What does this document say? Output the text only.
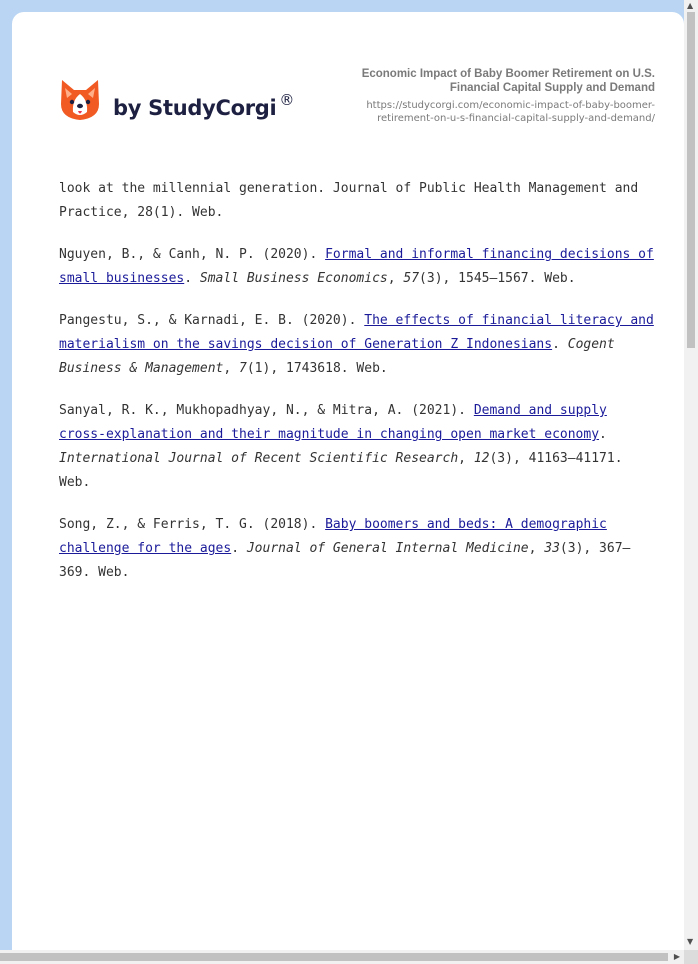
by StudyCorgi ®
Economic Impact of Baby Boomer Retirement on U.S. Financial Capital Supply and Demand
https://studycorgi.com/economic-impact-of-baby-boomer-retirement-on-u-s-financial-capital-supply-and-demand/

look at the millennial generation. Journal of Public Health Management and Practice, 28(1). Web.

Nguyen, B., & Canh, N. P. (2020). Formal and informal financing decisions of small businesses. Small Business Economics, 57(3), 1545–1567. Web.

Pangestu, S., & Karnadi, E. B. (2020). The effects of financial literacy and materialism on the savings decision of Generation Z Indonesians. Cogent Business & Management, 7(1), 1743618. Web.

Sanyal, R. K., Mukhopadhyay, N., & Mitra, A. (2021). Demand and supply cross-explanation and their magnitude in changing open market economy. International Journal of Recent Scientific Research, 12(3), 41163–41171. Web.

Song, Z., & Ferris, T. G. (2018). Baby boomers and beds: A demographic challenge for the ages. Journal of General Internal Medicine, 33(3), 367–369. Web.

▲
▼
▶
